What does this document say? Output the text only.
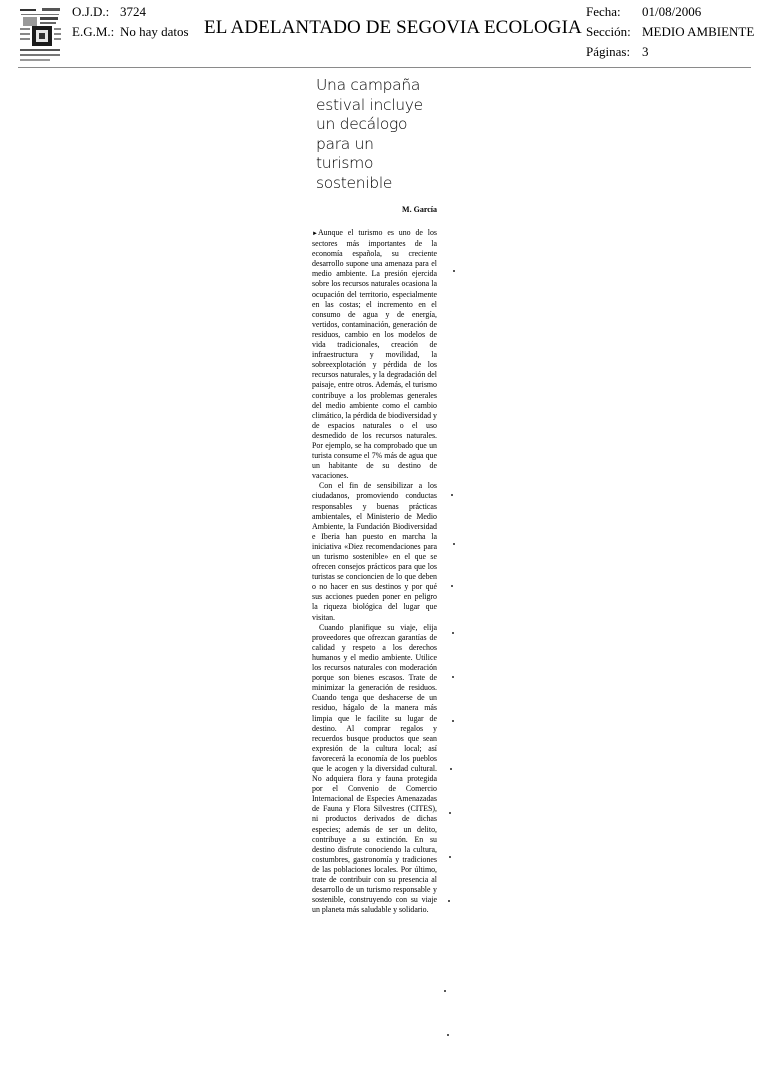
O.J.D.: 3724
E.G.M.: No hay datos EL ADELANTADO DE SEGOVIA ECOLOGIA
Fecha:	01/08/2006
Sección: MEDIO AMBIENTE
Páginas: 3
Una campaña estival incluye un decálogo para un turismo sostenible
M. García

►Aunque el turismo es uno de los sectores más importantes de la economía española, su creciente desarrollo supone una amenaza para el medio ambiente. La presión ejercida sobre los recursos naturales ocasiona la ocupación del territorio, especialmente en las costas; el incremento en el consumo de agua y de energía, vertidos, contaminación, generación de residuos, cambio en los modelos de vida tradicionales, creación de infraestructura y movilidad, la sobreexplotación y pérdida de los recursos naturales, y la degradación del paisaje, entre otros. Además, el turismo contribuye a los problemas generales del medio ambiente como el cambio climático, la pérdida de biodiversidad y de espacios naturales o el uso desmedido de los recursos naturales. Por ejemplo, se ha comprobado que un turista consume el 7% más de agua que un habitante de su destino de vacaciones.

Con el fin de sensibilizar a los ciudadanos, promoviendo conductas responsables y buenas prácticas ambientales, el Ministerio de Medio Ambiente, la Fundación Biodiversidad e Iberia han puesto en marcha la iniciativa «Diez recomendaciones para un turismo sostenible» en el que se ofrecen consejos prácticos para que los turistas se concioncien de lo que deben o no hacer en sus destinos y por qué sus acciones pueden poner en peligro la riqueza biológica del lugar que visitan.

Cuando planifique su viaje, elija proveedores que ofrezcan garantías de calidad y respeto a los derechos humanos y el medio ambiente. Utilice los recursos naturales con moderación porque son bienes escasos. Trate de minimizar la generación de residuos. Cuando tenga que deshacerse de un residuo, hágalo de la manera más limpia que le facilite su lugar de destino. Al comprar regalos y recuerdos busque productos que sean expresión de la cultura local; así favorecerá la economía de los pueblos que le acogen y la diversidad cultural. No adquiera flora y fauna protegida por el Convenio de Comercio Internacional de Especies Amenazadas de Fauna y Flora Silvestres (CITES), ni productos derivados de dichas especies; además de ser un delito, contribuye a su extinción. En su destino disfrute conociendo la cultura, costumbres, gastronomía y tradiciones de las poblaciones locales. Por último, trate de contribuir con su presencia al desarrollo de un turismo responsable y sostenible, construyendo con su viaje un planeta más saludable y solidario.
